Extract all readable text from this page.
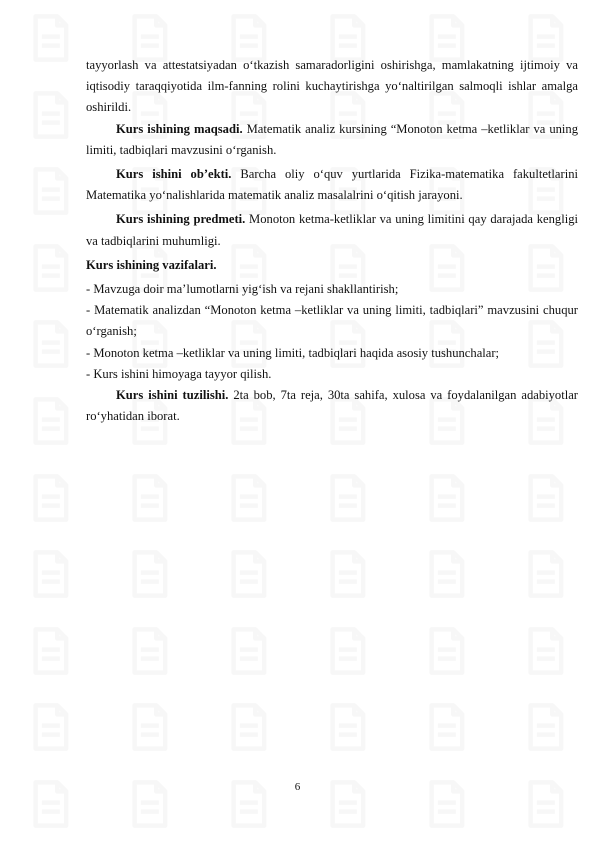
tayyorlash va attestatsiyadan o‘tkazish samaradorligini oshirishga, mamlakatning ijtimoiy va iqtisodiy taraqqiyotida ilm-fanning rolini kuchaytirishga yo‘naltirilgan salmoqli ishlar amalga oshirildi.

Kurs ishining maqsadi. Matematik analiz kursining “Monoton ketma –ketliklar va uning limiti, tadbiqlari mavzusini o‘rganish.

Kurs ishini ob’ekti. Barcha oliy o‘quv yurtlarida Fizika-matematika fakultetlarini Matematika yo‘nalishlarida matematik analiz masalalrini o‘qitish jarayoni.

Kurs ishining predmeti. Monoton ketma-ketliklar va uning limitini qay darajada kengligi va tadbiqlarini muhumligi.

Kurs ishining vazifalari.

- Mavzuga doir ma’lumotlarni yig‘ish va rejani shakllantirish;

- Matematik analizdan “Monoton ketma –ketliklar va uning limiti, tadbiqlari” mavzusini chuqur o‘rganish;

- Monoton ketma –ketliklar va uning limiti, tadbiqlari haqida asosiy tushunchalar;

- Kurs ishini himoyaga tayyor qilish.

Kurs ishini tuzilishi. 2ta bob, 7ta reja, 30ta sahifa, xulosa va foydalanilgan adabiyotlar ro‘yhatidan iborat.

6
